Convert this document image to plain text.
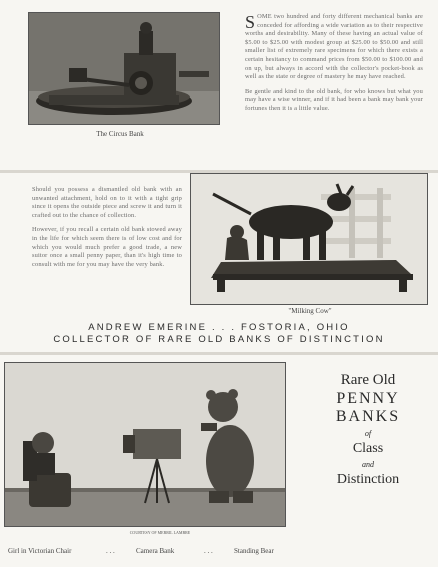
The Circus Bank

SOME two hundred and forty different mechanical banks are conceded for affording a wide variation as to their respective worths and desirability. Many of these having an actual value of $5.00 to $25.00 with modest group at $25.00 to $50.00 and still smaller list of extremely rare specimens for which there exists a certain hesitancy to command prices from $50.00 to $100.00 and on up, but always in accord with the collector's pocket-book as well as the state or degree of mastery he may have reached.

Be gentle and kind to the old bank, for who knows but what you may have a wise winner, and if it had been a bank may bank your fortunes then it is a little value.

Should you possess a dismantled old bank with an unwanted attachment, hold on to it with a tight grip since it opens the outside piece and screw it and turn it crafted out to the chance of collection.

However, if you recall a certain old bank stowed away in the life for which seem there is of low cost and for which you would much prefer a good trade, a new suitor once a small penny paper, than it's high time to consult with me for you may have the very bank.

"Milking Cow"
ANDREW EMERINE . . . FOSTORIA, OHIO
COLLECTOR OF RARE OLD BANKS OF DISTINCTION
COURTESY OF MERRIL LAMBRE
Rare Old
PENNY
BANKS
of
Class
and
Distinction
Girl in Victorian Chair	. . .	Camera Bank	. . .	Standing Bear
